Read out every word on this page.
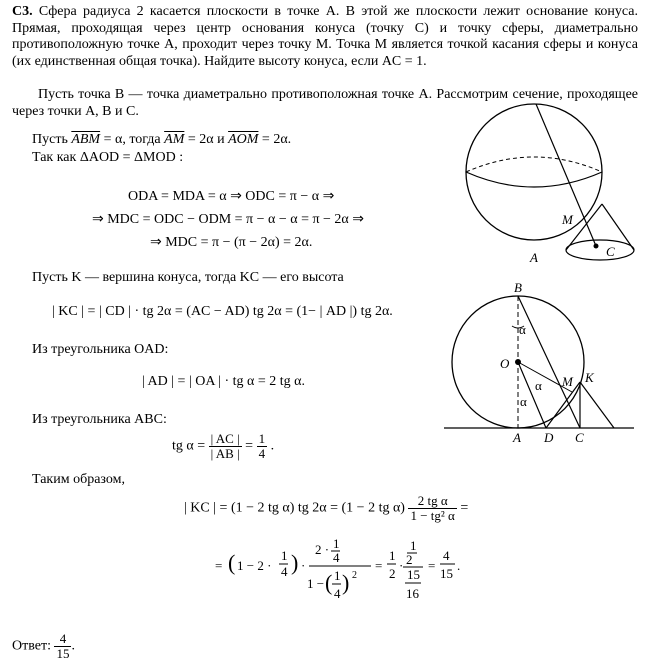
С3. Сфера радиуса 2 касается плоскости в точке A. В этой же плоскости лежит основание конуса. Прямая, проходящая через центр основания конуса (точку C) и точку сферы, диаметрально противоположную точке A, проходит через точку M. Точка M является точкой касания сферы и конуса (их единственная общая точка). Найдите высоту конуса, если AC = 1.
Пусть точка B — точка диаметрально противоположная точке A. Рассмотрим сечение, проходящее через точки A, B и C.
Пусть $\overline{ABM} = \alpha$, тогда $\overline{AM} = 2\alpha$ и $\overline{AOM} = 2\alpha$.
Так как ΔAOD = ΔMOD :
ODA = MDA = α ⇒ ODC = π − α ⇒
⇒ MDC = ODC − ODM = π − α − α = π − 2α ⇒
⇒ MDC = π − (π − 2α) = 2α.
Пусть K — вершина конуса, тогда KC — его высота
| KC | = | CD | · tg 2α = (AC − AD) tg 2α = (1− | AD |) tg 2α.
Из треугольника OAD:
| AD | = | OA | · tg α = 2 tg α.
Из треугольника ABC:
tg $\alpha = \frac{| AC |}{| AB |} = \frac{1}{4}$ .
Таким образом,
| KC | = (1 − 2 tg α) tg 2α = (1 − 2 tg $\alpha) \frac{\text{2 tg α}}{\text{1 − tg² α}}$ =
= ( 1 − 2 ·
1
4 ) ·
2 · 1
4
1 − ( 1
4 ) 2
=
1
2
·
1
2
15
16
=
4
15
.
Ответ: $\frac{4}{15}$ .
M
A	C
B
O
M K
A D C
α
α
α
